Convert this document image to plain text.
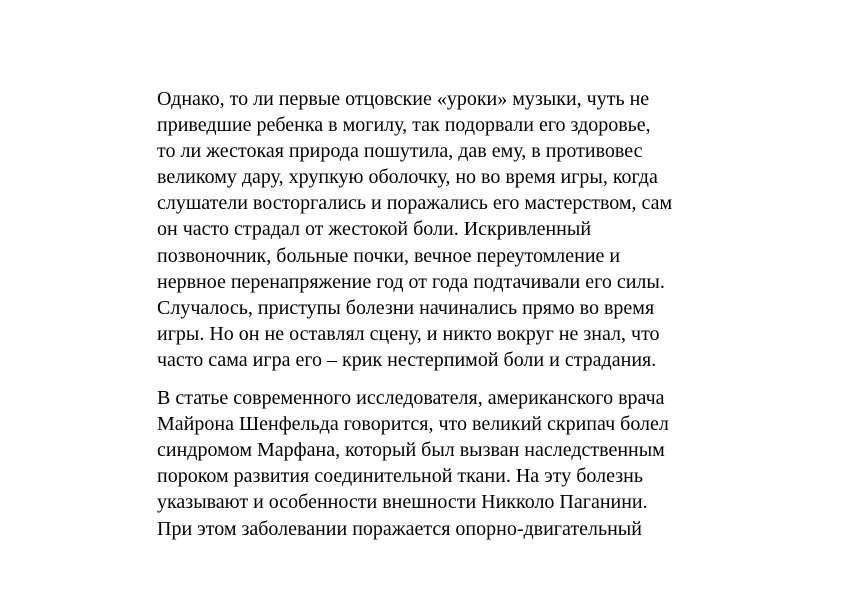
Однако, то ли первые отцовские «уроки» музыки, чуть не
приведшие ребенка в могилу, так подорвали его здоровье,
то ли жестокая природа пошутила, дав ему, в противовес
великому дару, хрупкую оболочку, но во время игры, когда
слушатели восторгались и поражались его мастерством, сам
он часто страдал от жестокой боли. Искривленный
позвоночник, больные почки, вечное переутомление и
нервное перенапряжение год от года подтачивали его силы.
Случалось, приступы болезни начинались прямо во время
игры. Но он не оставлял сцену, и никто вокруг не знал, что
часто сама игра его – крик нестерпимой боли и страдания.

В статье современного исследователя, американского врача
Майрона Шенфельда говорится, что великий скрипач болел
синдромом Марфана, который был вызван наследственным
пороком развития соединительной ткани. На эту болезнь
указывают и особенности внешности Никколо Паганини.
При этом заболевании поражается опорно-двигательный
